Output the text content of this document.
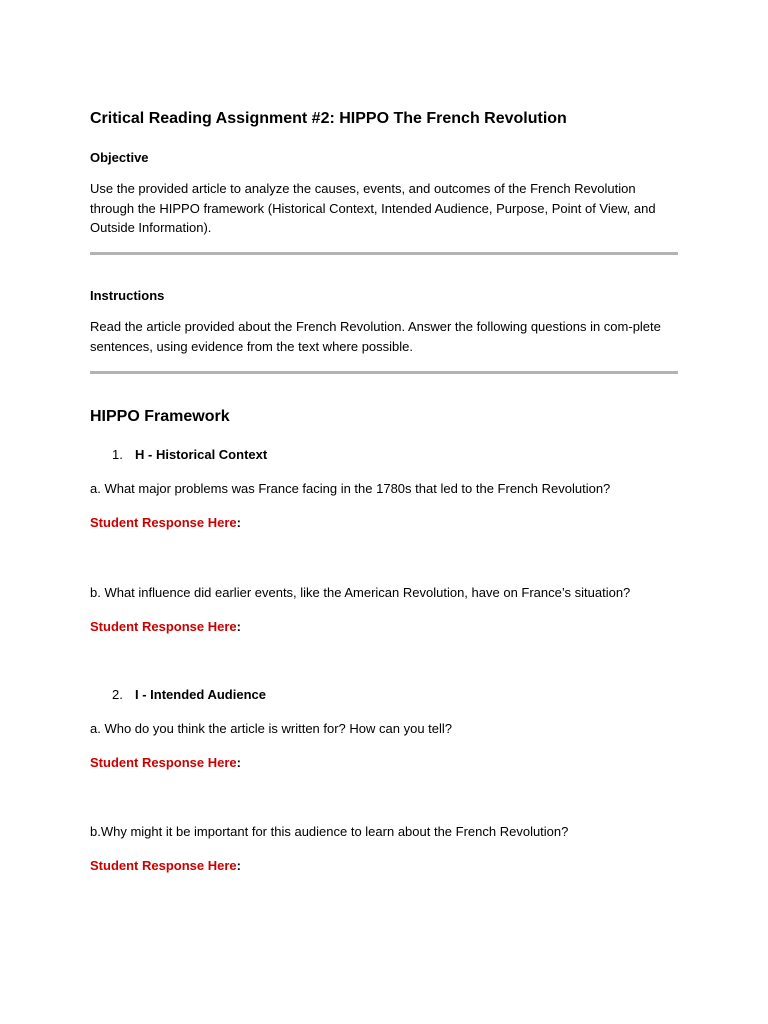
Critical Reading Assignment #2: HIPPO The French Revolution
Objective

Use the provided article to analyze the causes, events, and outcomes of the French Revolution through the HIPPO framework (Historical Context, Intended Audience, Purpose, Point of View, and Outside Information).

Instructions

Read the article provided about the French Revolution. Answer the following questions in com-plete sentences, using evidence from the text where possible.

HIPPO Framework
1. H - Historical Context

a. What major problems was France facing in the 1780s that led to the French Revolution?

Student Response Here:

b. What influence did earlier events, like the American Revolution, have on France’s situation?

Student Response Here:

2. I - Intended Audience

a. Who do you think the article is written for? How can you tell?

Student Response Here:

b.Why might it be important for this audience to learn about the French Revolution?

Student Response Here:
